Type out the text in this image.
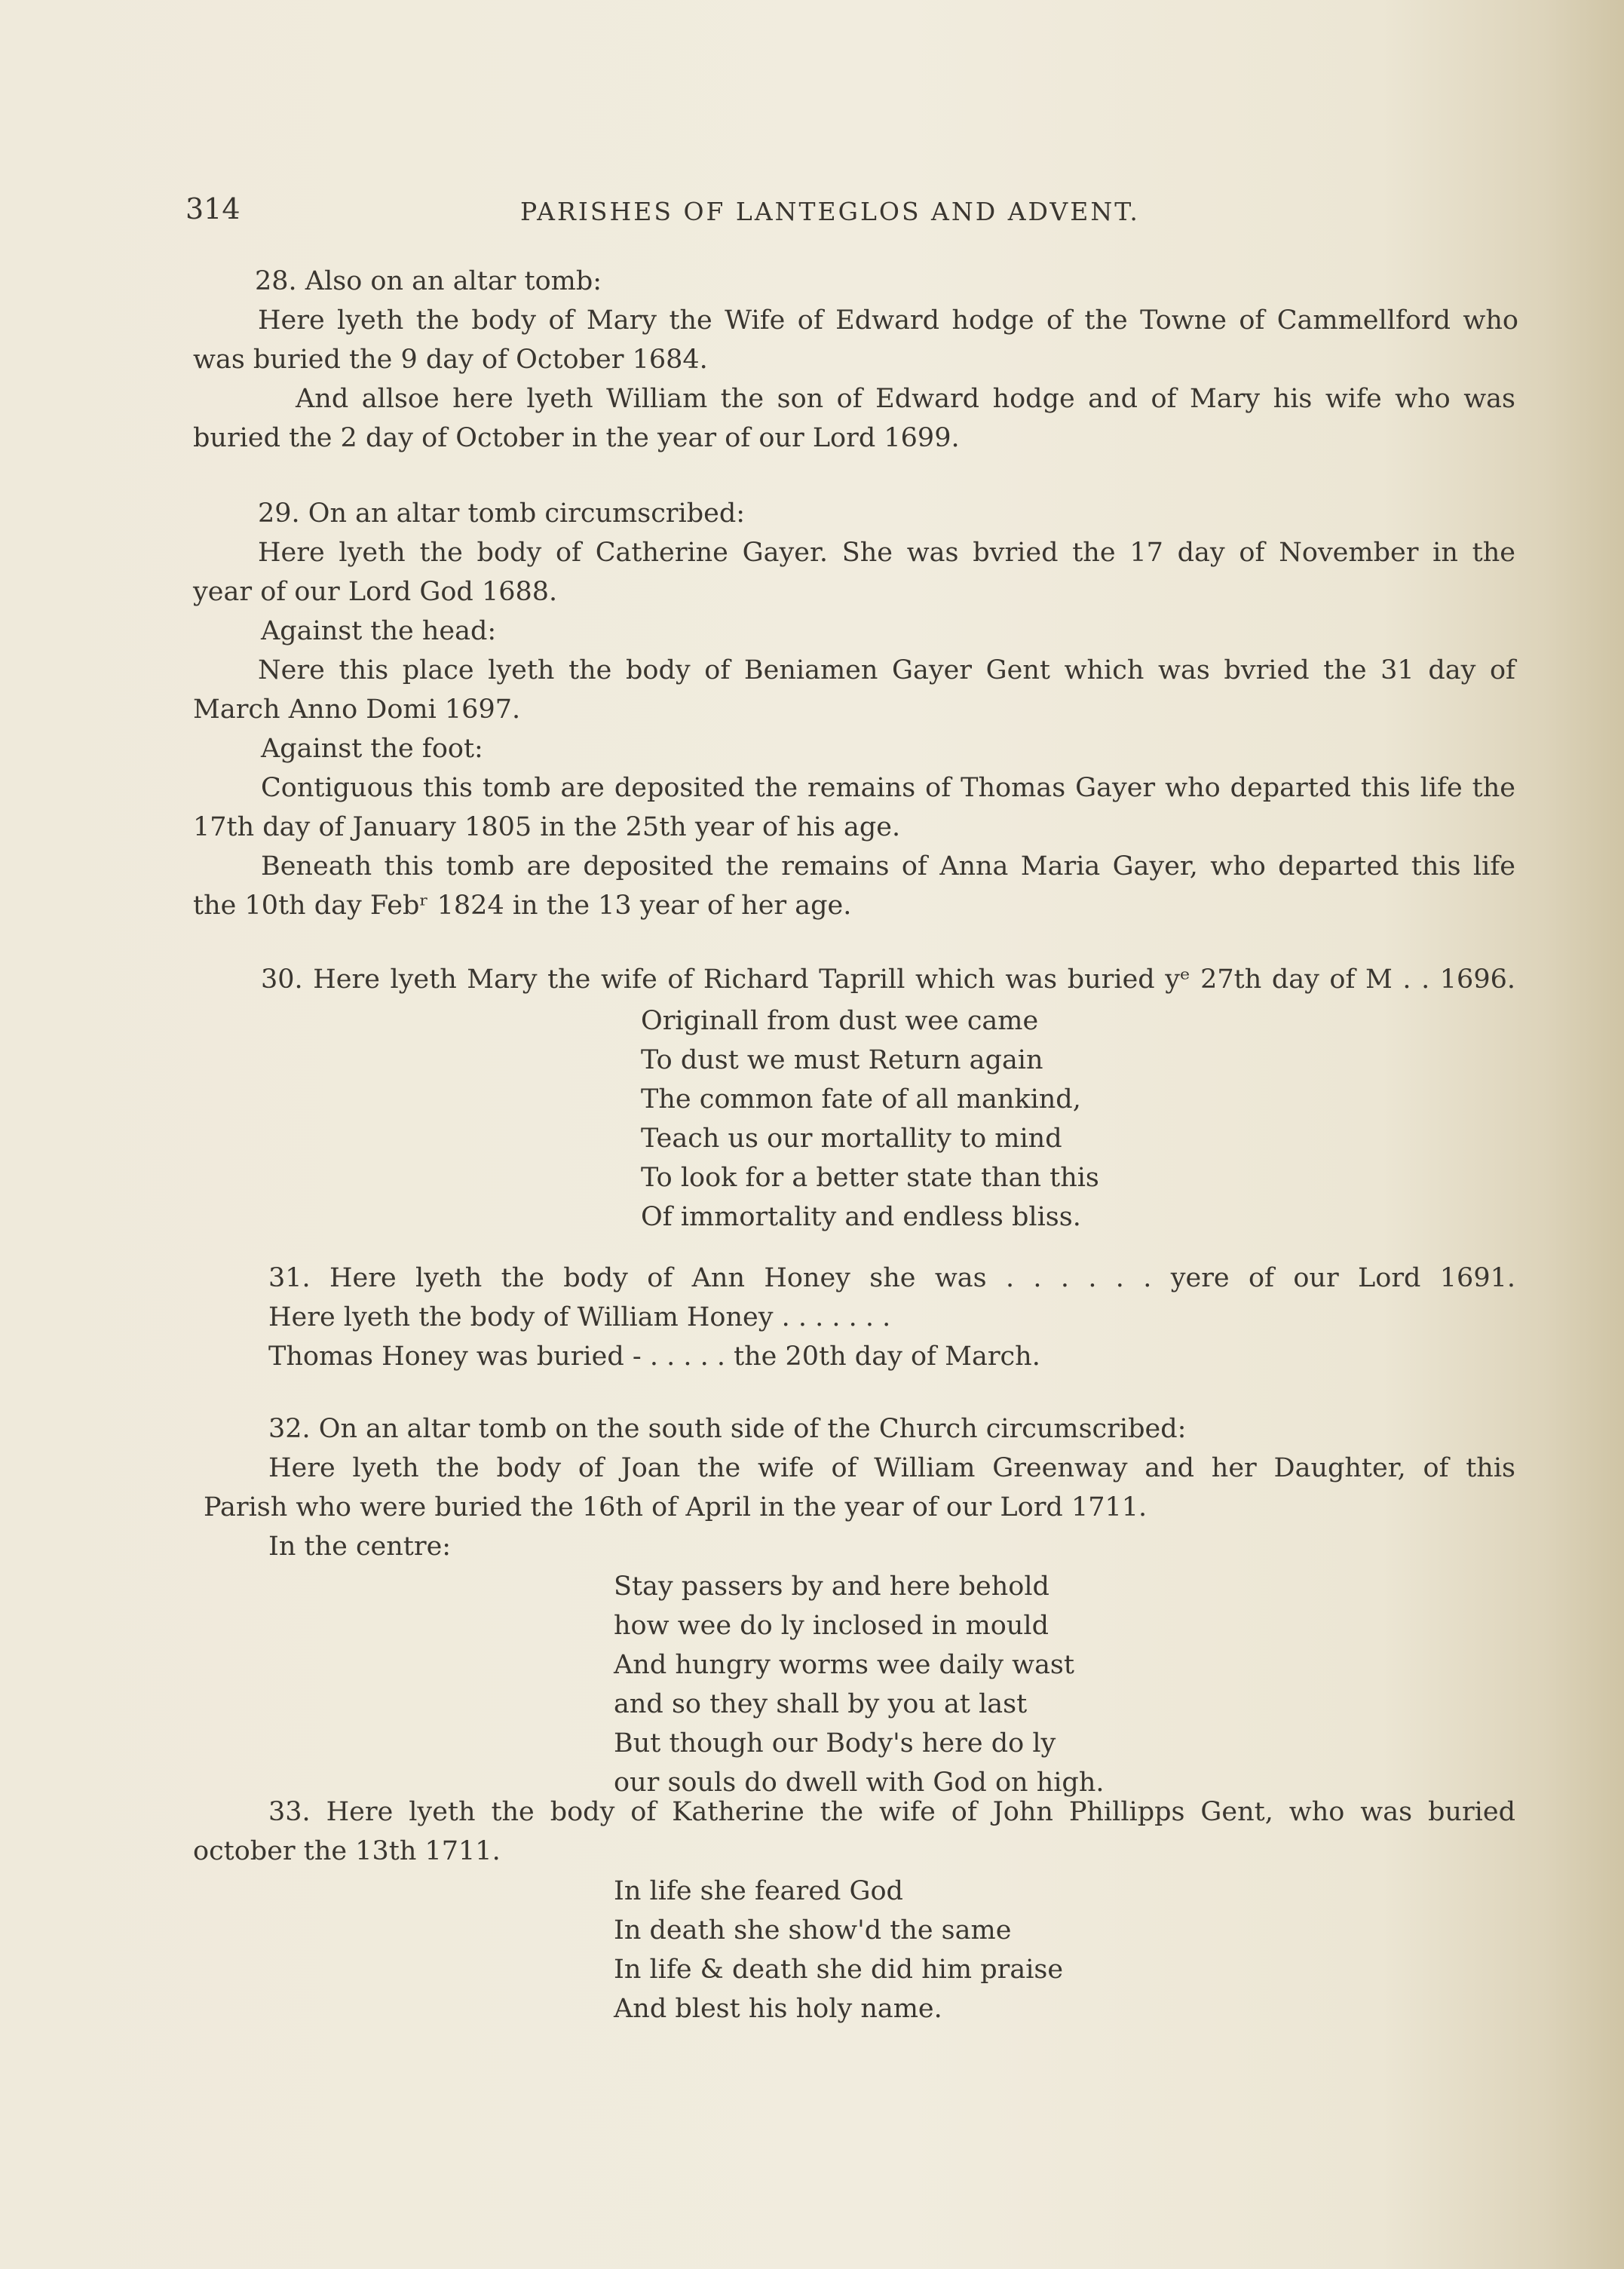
314	PARISHES OF LANTEGLOS AND ADVENT.
28. Also on an altar tomb:
Here lyeth the body of Mary the Wife of Edward hodge of the Towne of Cammellford who
was buried the 9 day of October 1684.
And allsoe here lyeth William the son of Edward hodge and of Mary his wife who was
buried the 2 day of October in the year of our Lord 1699.
29. On an altar tomb circumscribed:
Here lyeth the body of Catherine Gayer. She was bvried the 17 day of November in the
year of our Lord God 1688.
Against the head:
Nere this place lyeth the body of Beniamen Gayer Gent which was bvried the 31 day of
March Anno Domi 1697.
Against the foot:
Contiguous this tomb are deposited the remains of Thomas Gayer who departed this life the
17th day of January 1805 in the 25th year of his age.
Beneath this tomb are deposited the remains of Anna Maria Gayer, who departed this life
the 10th day Febʳ 1824 in the 13 year of her age.
30. Here lyeth Mary the wife of Richard Taprill which was buried yᵉ 27th day of M . . 1696.
Originall from dust wee came
To dust we must Return again
The common fate of all mankind,
Teach us our mortallity to mind
To look for a better state than this
Of immortality and endless bliss.
31. Here lyeth the body of Ann Honey she was . . . . . . yere of our Lord 1691.
Here lyeth the body of William Honey . . . . . . .
Thomas Honey was buried - . . . . . the 20th day of March.
32. On an altar tomb on the south side of the Church circumscribed:
Here lyeth the body of Joan the wife of William Greenway and her Daughter, of this
Parish who were buried the 16th of April in the year of our Lord 1711.
In the centre:
Stay passers by and here behold
how wee do ly inclosed in mould
And hungry worms wee daily wast
and so they shall by you at last
But though our Body's here do ly
our souls do dwell with God on high.
33. Here lyeth the body of Katherine the wife of John Phillipps Gent, who was buried
october the 13th 1711.
In life she feared God
In death she show'd the same
In life & death she did him praise
And blest his holy name.
